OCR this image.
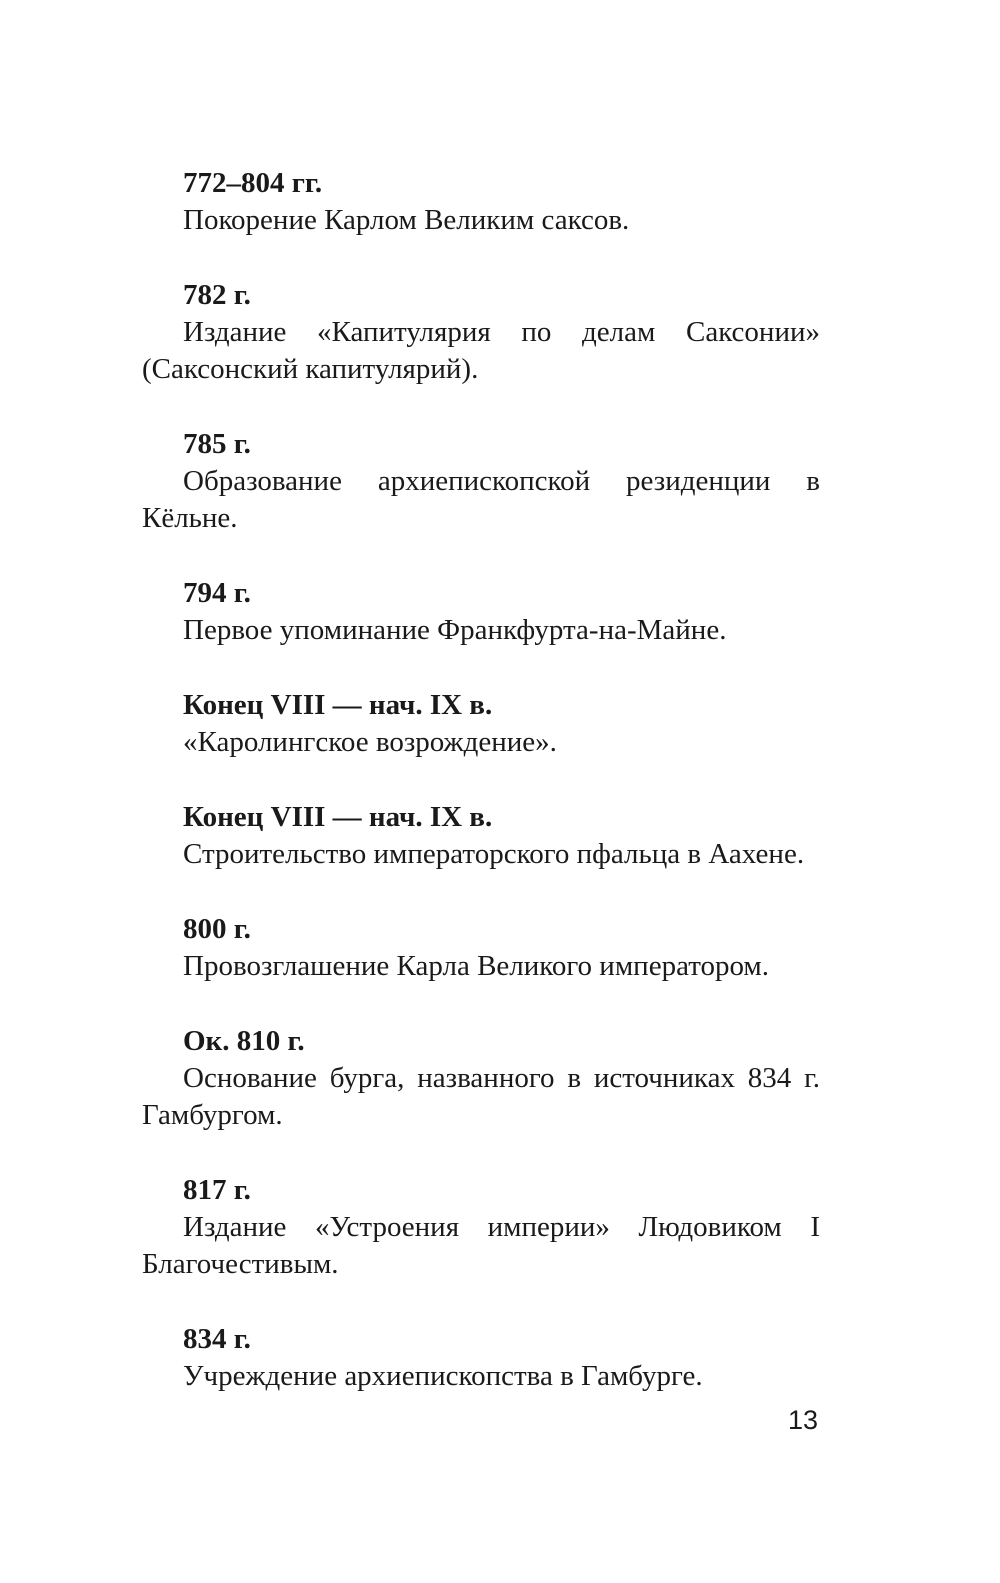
772–804 гг.

Покорение Карлом Великим саксов.

782 г.

Издание «Капитулярия по делам Саксонии» (Саксонский капитулярий).

785 г.

Образование архиепископской резиденции в Кёльне.

794 г.

Первое упоминание Франкфурта-на-Майне.

Конец VIII — нач. IX в.

«Каролингское возрождение».

Конец VIII — нач. IX в.

Строительство императорского пфальца в Аахене.

800 г.

Провозглашение Карла Великого императором.

Ок. 810 г.

Основание бурга, названного в источниках 834 г. Гамбургом.

817 г.

Издание «Устроения империи» Людовиком I Благочестивым.

834 г.

Учреждение архиепископства в Гамбурге.

13
